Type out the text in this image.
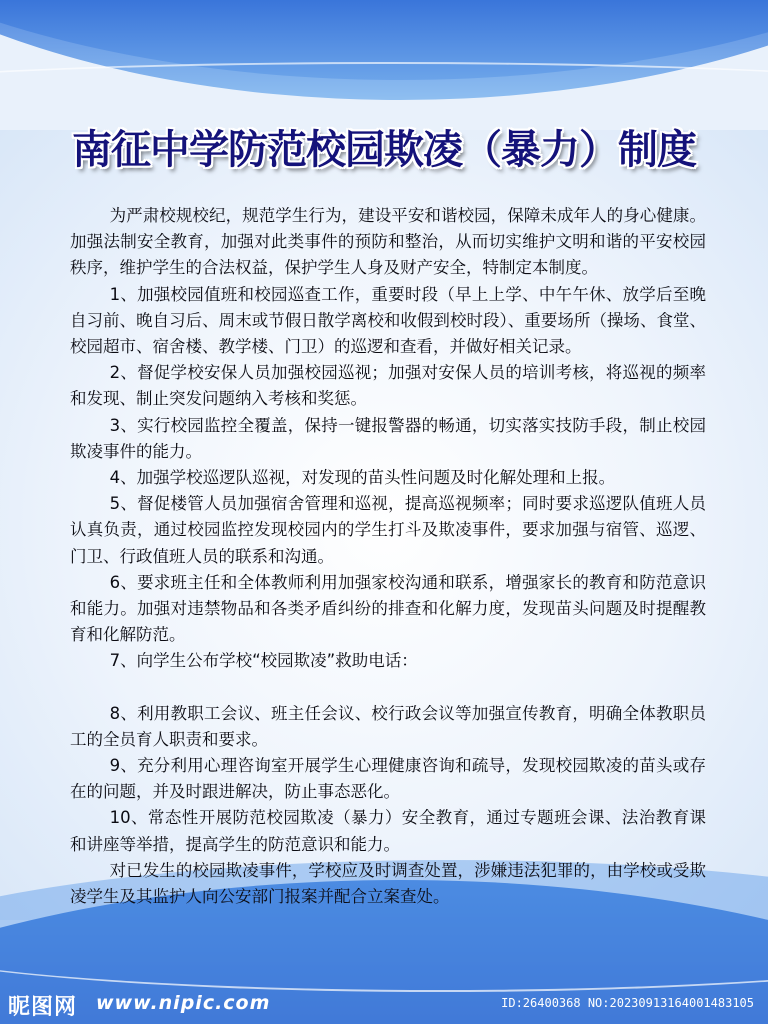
南征中学防范校园欺凌（暴力）制度

为严肃校规校纪，规范学生行为，建设平安和谐校园，保障未成年人的身心健康。加强法制安全教育，加强对此类事件的预防和整治，从而切实维护文明和谐的平安校园秩序，维护学生的合法权益，保护学生人身及财产安全，特制定本制度。

1、加强校园值班和校园巡查工作，重要时段（早上上学、中午午休、放学后至晚自习前、晚自习后、周末或节假日散学离校和收假到校时段）、重要场所（操场、食堂、校园超市、宿舍楼、教学楼、门卫）的巡逻和查看，并做好相关记录。

2、督促学校安保人员加强校园巡视；加强对安保人员的培训考核，将巡视的频率和发现、制止突发问题纳入考核和奖惩。

3、实行校园监控全覆盖，保持一键报警器的畅通，切实落实技防手段，制止校园欺凌事件的能力。

4、加强学校巡逻队巡视，对发现的苗头性问题及时化解处理和上报。

5、督促楼管人员加强宿舍管理和巡视，提高巡视频率；同时要求巡逻队值班人员认真负责，通过校园监控发现校园内的学生打斗及欺凌事件，要求加强与宿管、巡逻、门卫、行政值班人员的联系和沟通。

6、要求班主任和全体教师利用加强家校沟通和联系，增强家长的教育和防范意识和能力。加强对违禁物品和各类矛盾纠纷的排查和化解力度，发现苗头问题及时提醒教育和化解防范。

7、向学生公布学校“校园欺凌”救助电话：

8、利用教职工会议、班主任会议、校行政会议等加强宣传教育，明确全体教职员工的全员育人职责和要求。

9、充分利用心理咨询室开展学生心理健康咨询和疏导，发现校园欺凌的苗头或存在的问题，并及时跟进解决，防止事态恶化。

10、常态性开展防范校园欺凌（暴力）安全教育，通过专题班会课、法治教育课和讲座等举措，提高学生的防范意识和能力。

对已发生的校园欺凌事件，学校应及时调查处置，涉嫌违法犯罪的，由学校或受欺凌学生及其监护人向公安部门报案并配合立案查处。

昵图网 www.nipic.com	ID:26400368 NO:20230913164001483105
